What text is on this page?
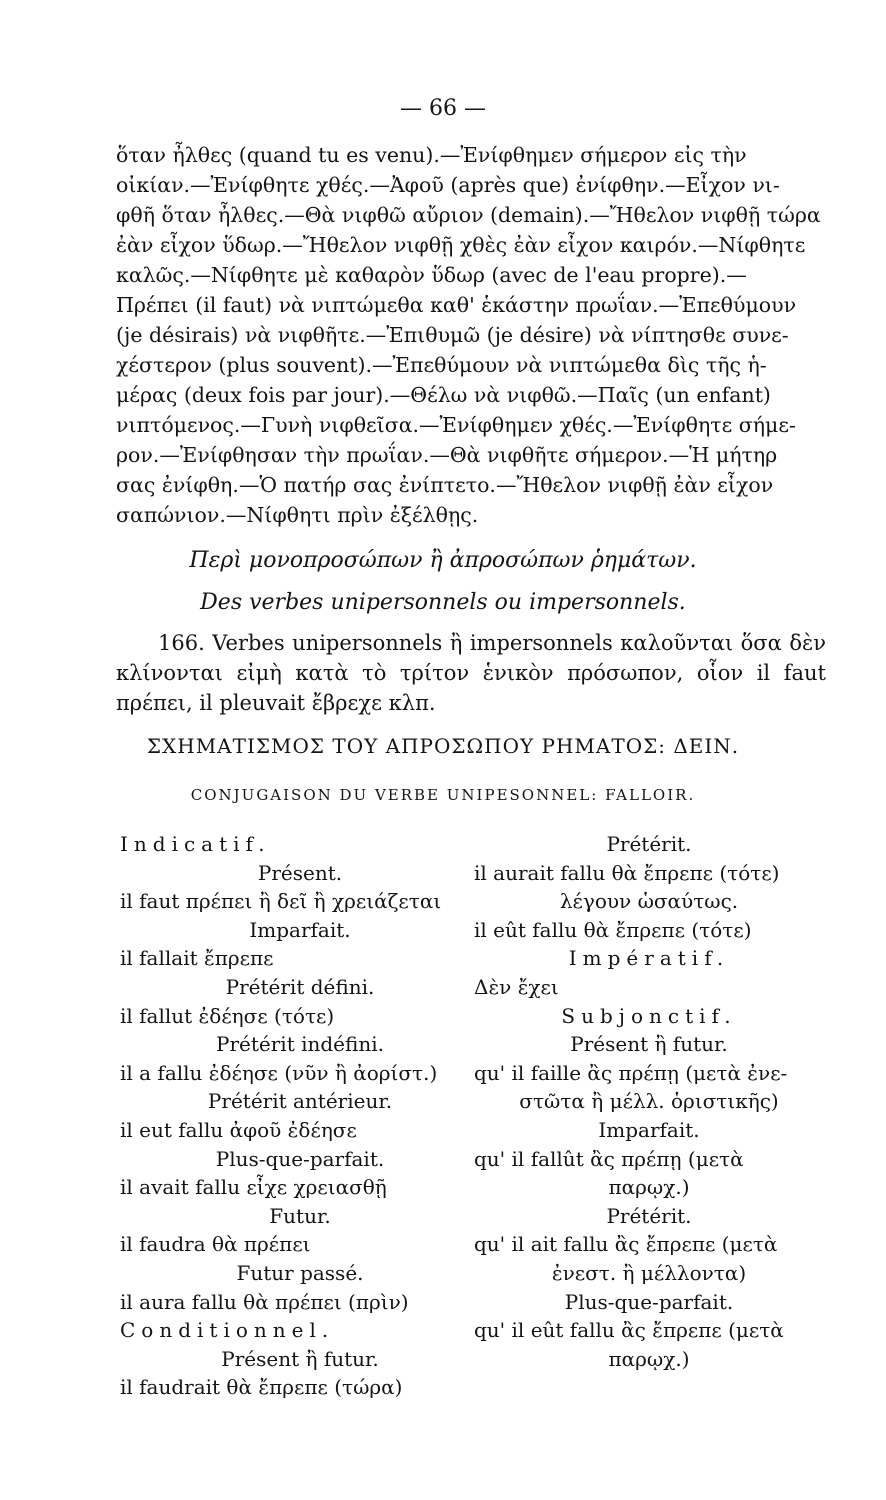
— 66 —

ὅταν ἦλθες (quand tu es venu).—Ἐνίφθημεν σήμερον εἰς τὴν

οἰκίαν.—Ἐνίφθητε χθές.—Ἀφοῦ (après que) ἐνίφθην.—Εἶχον νι-

φθῆ ὅταν ἦλθες.—Θὰ νιφθῶ αὔριον (demain).—Ἤθελον νιφθῇ τώρα

ἐὰν εἶχον ὕδωρ.—Ἤθελον νιφθῇ χθὲς ἐὰν εἶχον καιρόν.—Νίφθητε

καλῶς.—Νίφθητε μὲ καθαρὸν ὕδωρ (avec de l'eau propre).—

Πρέπει (il faut) νὰ νιπτώμεθα καθ' ἑκάστην πρωΐαν.—Ἐπεθύμουν

(je désirais) νὰ νιφθῆτε.—Ἐπιθυμῶ (je désire) νὰ νίπτησθε συνε-

χέστερον (plus souvent).—Ἐπεθύμουν νὰ νιπτώμεθα δὶς τῆς ἡ-

μέρας (deux fois par jour).—Θέλω νὰ νιφθῶ.—Παῖς (un enfant)

νιπτόμενος.—Γυνὴ νιφθεῖσα.—Ἐνίφθημεν χθές.—Ἐνίφθητε σήμε-

ρον.—Ἐνίφθησαν τὴν πρωΐαν.—Θὰ νιφθῆτε σήμερον.—Ἡ μήτηρ

σας ἐνίφθη.—Ὁ πατήρ σας ἐνίπτετο.—Ἤθελον νιφθῇ ἐὰν εἶχον

σαπώνιον.—Νίφθητι πρὶν ἐξέλθῃς.

Περὶ μονοπροσώπων ἢ ἀπροσώπων ῥημάτων.
Des verbes unipersonnels ou impersonnels.
166. Verbes unipersonnels ἢ impersonnels καλοῦνται ὅσα δὲν κλίνονται εἰμὴ κατὰ τὸ τρίτον ἑνικὸν πρόσωπον, οἷον il faut πρέπει, il pleuvait ἔβρεχε κλπ.
ΣΧΗΜΑΤΙΣΜΟΣ ΤΟΥ ΑΠΡΟΣΩΠΟΥ ΡΗΜΑΤΟΣ: ΔΕΙΝ.
CONJUGAISON DU VERBE UNIPESONNEL: FALLOIR.
Indicatif.
Présent.
il faut πρέπει ἢ δεῖ ἢ χρειάζεται
Imparfait.
il fallait ἔπρεπε
Prétérit défini.
il fallut ἐδέησε (τότε)
Prétérit indéfini.
il a fallu ἐδέησε (νῦν ἢ ἀορίστ.)
Prétérit antérieur.
il eut fallu ἀφοῦ ἐδέησε
Plus-que-parfait.
il avait fallu εἶχε χρειασθῇ
Futur.
il faudra θὰ πρέπει
Futur passé.
il aura fallu θὰ πρέπει (πρὶν)
Conditionnel.
Présent ἢ futur.
il faudrait θὰ ἔπρεπε (τώρα)
Prétérit.
il aurait fallu θὰ ἔπρεπε (τότε)
λέγουν ὡσαύτως.
il eût fallu θὰ ἔπρεπε (τότε)
Impératif.
Δὲν ἔχει
Subjonctif.
Présent ἢ futur.
qu' il faille ἂς πρέπῃ (μετὰ ἐνε-
στῶτα ἢ μέλλ. ὁριστικῆς)
Imparfait.
qu' il fallût ἂς πρέπῃ (μετὰ
παρῳχ.)
Prétérit.
qu' il ait fallu ἂς ἔπρεπε (μετὰ
ἐνεστ. ἢ μέλλοντα)
Plus-que-parfait.
qu' il eût fallu ἂς ἔπρεπε (μετὰ
παρῳχ.)
